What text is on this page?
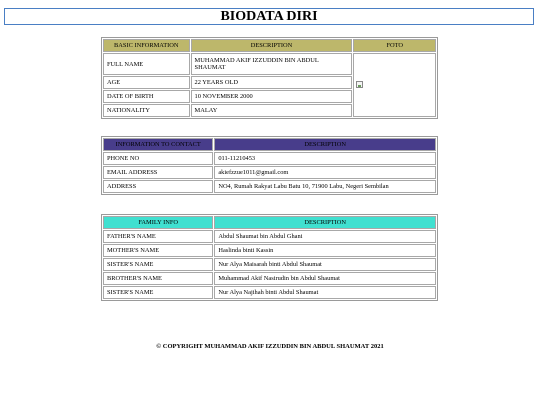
BIODATA DIRI
BASIC INFORMATION	DESCRIPTION	FOTO
FULL NAME	MUHAMMAD AKIF IZZUDDIN BIN ABDUL SHAUMAT	
AGE	22 YEARS OLD	
DATE OF BIRTH	10 NOVEMBER 2000	
NATIONALITY	MALAY	
INFORMATION TO CONTACT	DESCRIPTION
PHONE NO	011-11210453
EMAIL ADDRESS	akiefzzue1011@gmail.com
ADDRESS	NO4, Rumah Rakyat Labu Batu 10, 71900 Labu, Negeri Sembilan
FAMILY INFO	DESCRIPTION
FATHER'S NAME	Abdul Shaumat bin Abdul Ghani
MOTHER'S NAME	Haslinda binti Kassin
SISTER'S NAME	Nur Alya Maisarah binti Abdul Shaumat
BROTHER'S NAME	Muhammad Akif Nasirudin bin Abdul Shaumat
SISTER'S NAME	Nur Alya Najihah binti Abdul Shaumat
© COPYRIGHT MUHAMMAD AKIF IZZUDDIN BIN ABDUL SHAUMAT 2021
